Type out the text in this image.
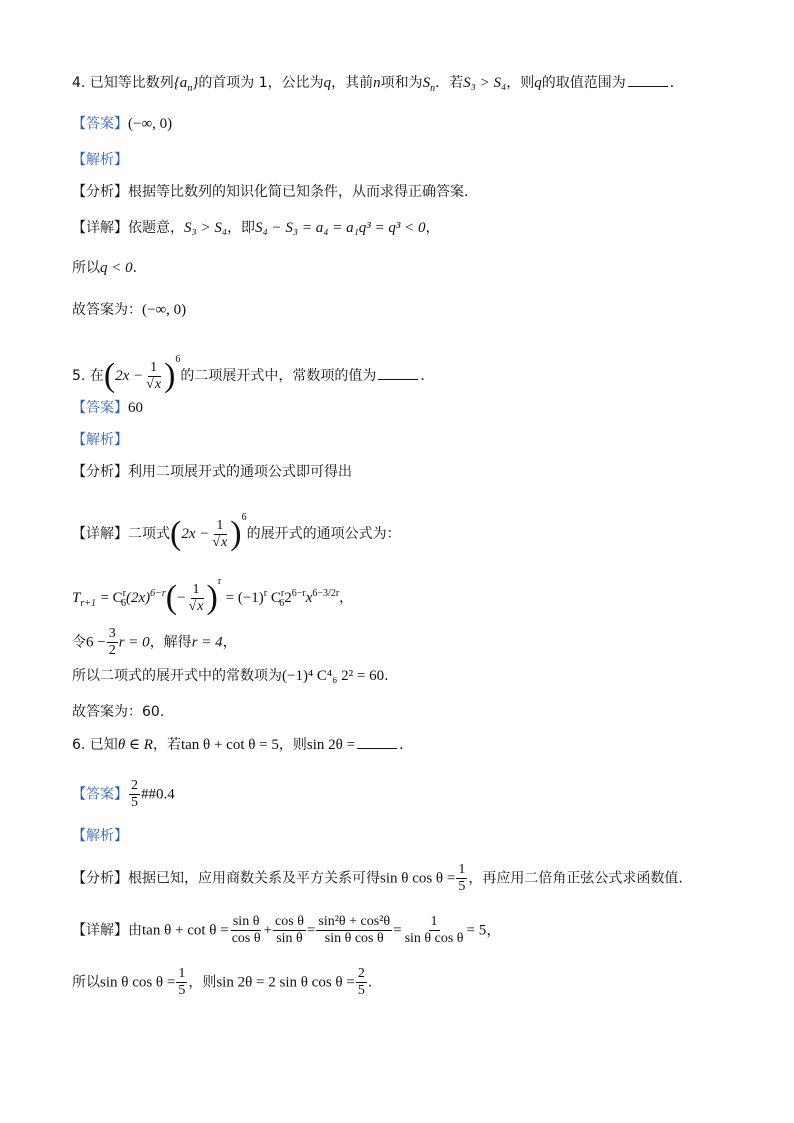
4. 已知等比数列$\{a_n\}$的首项为 1，公比为q，其前n项和为$S_n$．若S₃ > S₄，则q的取值范围为	．
【答案】(−∞, 0)
【解析】
【分析】根据等比数列的知识化简已知条件，从而求得正确答案.
【详解】依题意，S₃ > S₄，即S₄ − S₃ = a₄ = a₁q³ = q³ < 0，
所以q < 0.
故答案为：(−∞, 0)
5. 在$(2x - \frac{1}{√x} )^6$的二项展开式中，常数项的值为	．
【答案】60
【解析】
【分析】利用二项展开式的通项公式即可得出
【详解】二项式$(2x - \frac{1}{√x} )^6$的展开式的通项公式为：
$T_{r+1} = C^r_6(2x)^{6-r}(- \frac{1}{√x} )^r = (-1)^r$ $C^r_62^{6-r}x^{6-3/2r}$，
令$6 - \frac{3}{2}$ r = 0，解得r = 4，
所以二项式的展开式中的常数项为(−1)⁴ C⁴₆ 2² = 60.
故答案为：60.
6. 已知θ ∈ R，若tan θ + cot θ = 5，则sin 2θ =	．
【答案】 $\frac{2}{5}$ ##0.4
【解析】
【分析】根据已知，应用商数关系及平方关系可得sin θ $\cos \theta = \frac{1}{5}$ ，再应用二倍角正弦公式求函数值.
【详解】由$\tan \theta + \cot \theta = \frac{\text{sin θ}}{\text{cos θ}} + \frac{\text{cos θ}}{\text{sin θ}} = \frac{\text{sin²θ + cos²θ}}{\text{sin θ cos θ}} = \frac{1}{\text{sin θ cos θ}} = 5$，
所以sin θ $\cos \theta = \frac{1}{5}$ ，则sin 2θ = 2 sin θ $\cos \theta = \frac{2}{5}$ .
